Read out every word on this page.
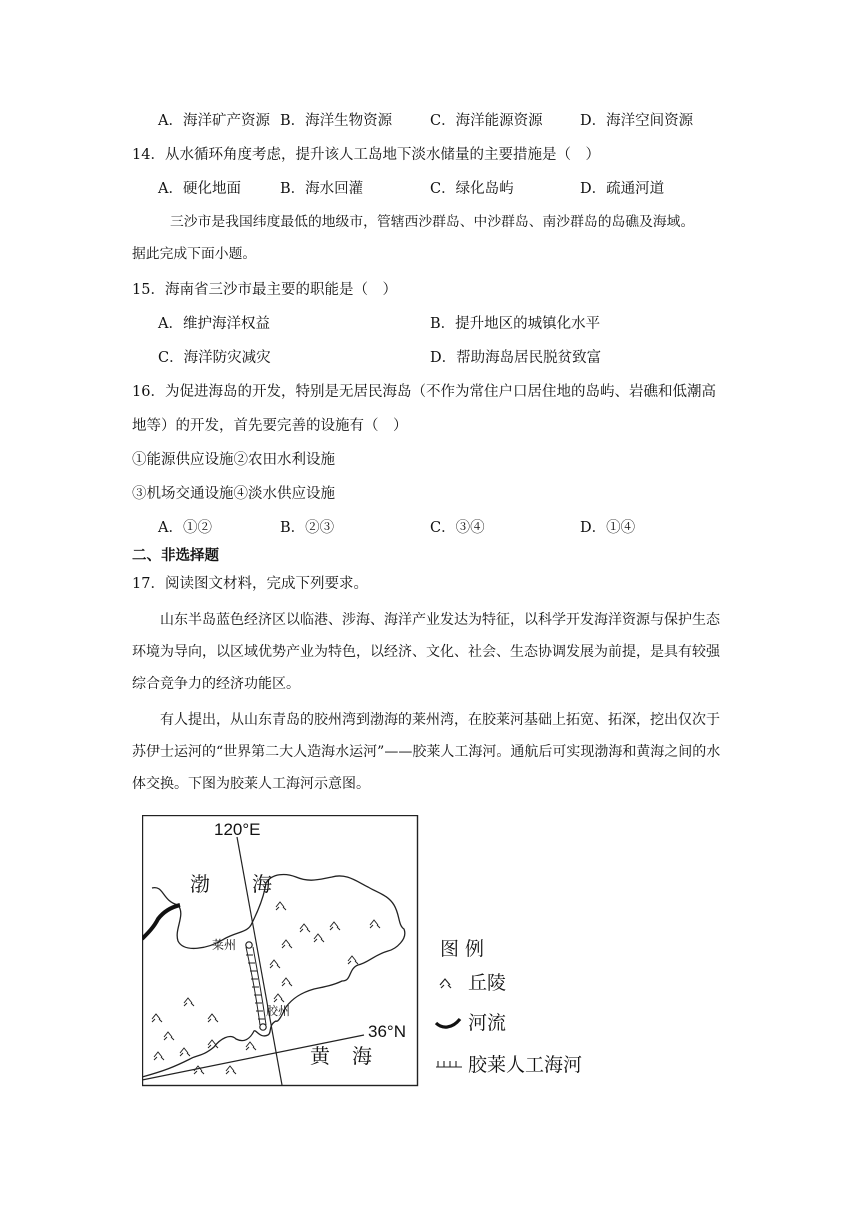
A．海洋矿产资源 B．海洋生物资源	C．海洋能源资源	D．海洋空间资源
14．从水循环角度考虑，提升该人工岛地下淡水储量的主要措施是（　）
A．硬化地面	B．海水回灌	C．绿化岛屿	D．疏通河道
三沙市是我国纬度最低的地级市，管辖西沙群岛、中沙群岛、南沙群岛的岛礁及海域。
据此完成下面小题。
15．海南省三沙市最主要的职能是（　）
A．维护海洋权益	B．提升地区的城镇化水平
C．海洋防灾减灾	D．帮助海岛居民脱贫致富
16．为促进海岛的开发，特别是无居民海岛（不作为常住户口居住地的岛屿、岩礁和低潮高
地等）的开发，首先要完善的设施有（　）
①能源供应设施②农田水利设施
③机场交通设施④淡水供应设施
A．①②	B．②③	C．③④	D．①④
二、非选择题
17．阅读图文材料，完成下列要求。
山东半岛蓝色经济区以临港、涉海、海洋产业发达为特征，以科学开发海洋资源与保护生态环境为导向，以区域优势产业为特色，以经济、文化、社会、生态协调发展为前提，是具有较强综合竞争力的经济功能区。
有人提出，从山东青岛的胶州湾到渤海的莱州湾，在胶莱河基础上拓宽、拓深，挖出仅次于苏伊士运河的“世界第二大人造海水运河”——胶莱人工海河。通航后可实现渤海和黄海之间的水体交换。下图为胶莱人工海河示意图。
120°E
36°N
渤 海
黄 海
莱州
胶州
图 例
丘陵
河流
胶莱人工海河
